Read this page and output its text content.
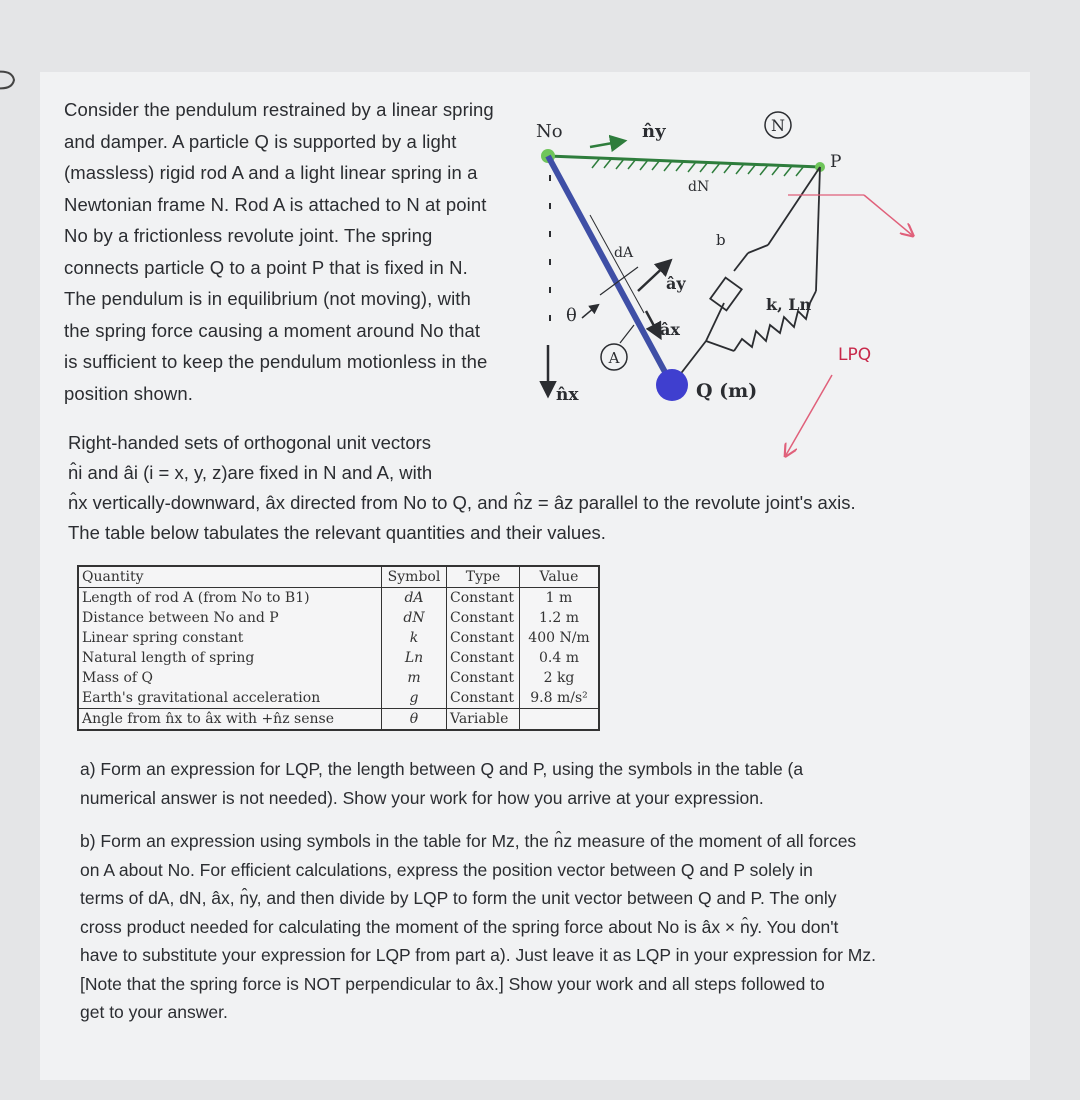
Consider the pendulum restrained by a linear spring
and damper. A particle Q is supported by a light
(massless) rigid rod A and a light linear spring in a
Newtonian frame N. Rod A is attached to N at point
No by a frictionless revolute joint. The spring
connects particle Q to a point P that is fixed in N.
The pendulum is in equilibrium (not moving), with
the spring force causing a moment around No that
is sufficient to keep the pendulum motionless in the
position shown.
n̂y
dN
N
P
No
n̂x
θ
dA
A
ây
âx
b
k, Ln
Q (m)
LPQ
Right-handed sets of orthogonal unit vectors
n̂i and âi (i = x, y, z)are fixed in N and A, with
n̂x vertically-downward, âx directed from No to Q, and n̂z = âz parallel to the revolute joint's axis.
The table below tabulates the relevant quantities and their values.
Quantity	Symbol	Type	Value
Length of rod A (from No to B1)	dA	Constant	1 m
Distance between No and P	dN	Constant	1.2 m
Linear spring constant	k	Constant	400 N/m
Natural length of spring	Ln	Constant	0.4 m
Mass of Q	m	Constant	2 kg
Earth's gravitational acceleration	g	Constant	9.8 m/s²
Angle from n̂x to âx with +n̂z sense	θ	Variable	
a) Form an expression for LQP, the length between Q and P, using the symbols in the table (a
numerical answer is not needed). Show your work for how you arrive at your expression.
b) Form an expression using symbols in the table for Mz, the n̂z measure of the moment of all forces
on A about No. For efficient calculations, express the position vector between Q and P solely in
terms of dA, dN, âx, n̂y, and then divide by LQP to form the unit vector between Q and P. The only
cross product needed for calculating the moment of the spring force about No is âx × n̂y. You don't
have to substitute your expression for LQP from part a). Just leave it as LQP in your expression for Mz.
[Note that the spring force is NOT perpendicular to âx.] Show your work and all steps followed to
get to your answer.
